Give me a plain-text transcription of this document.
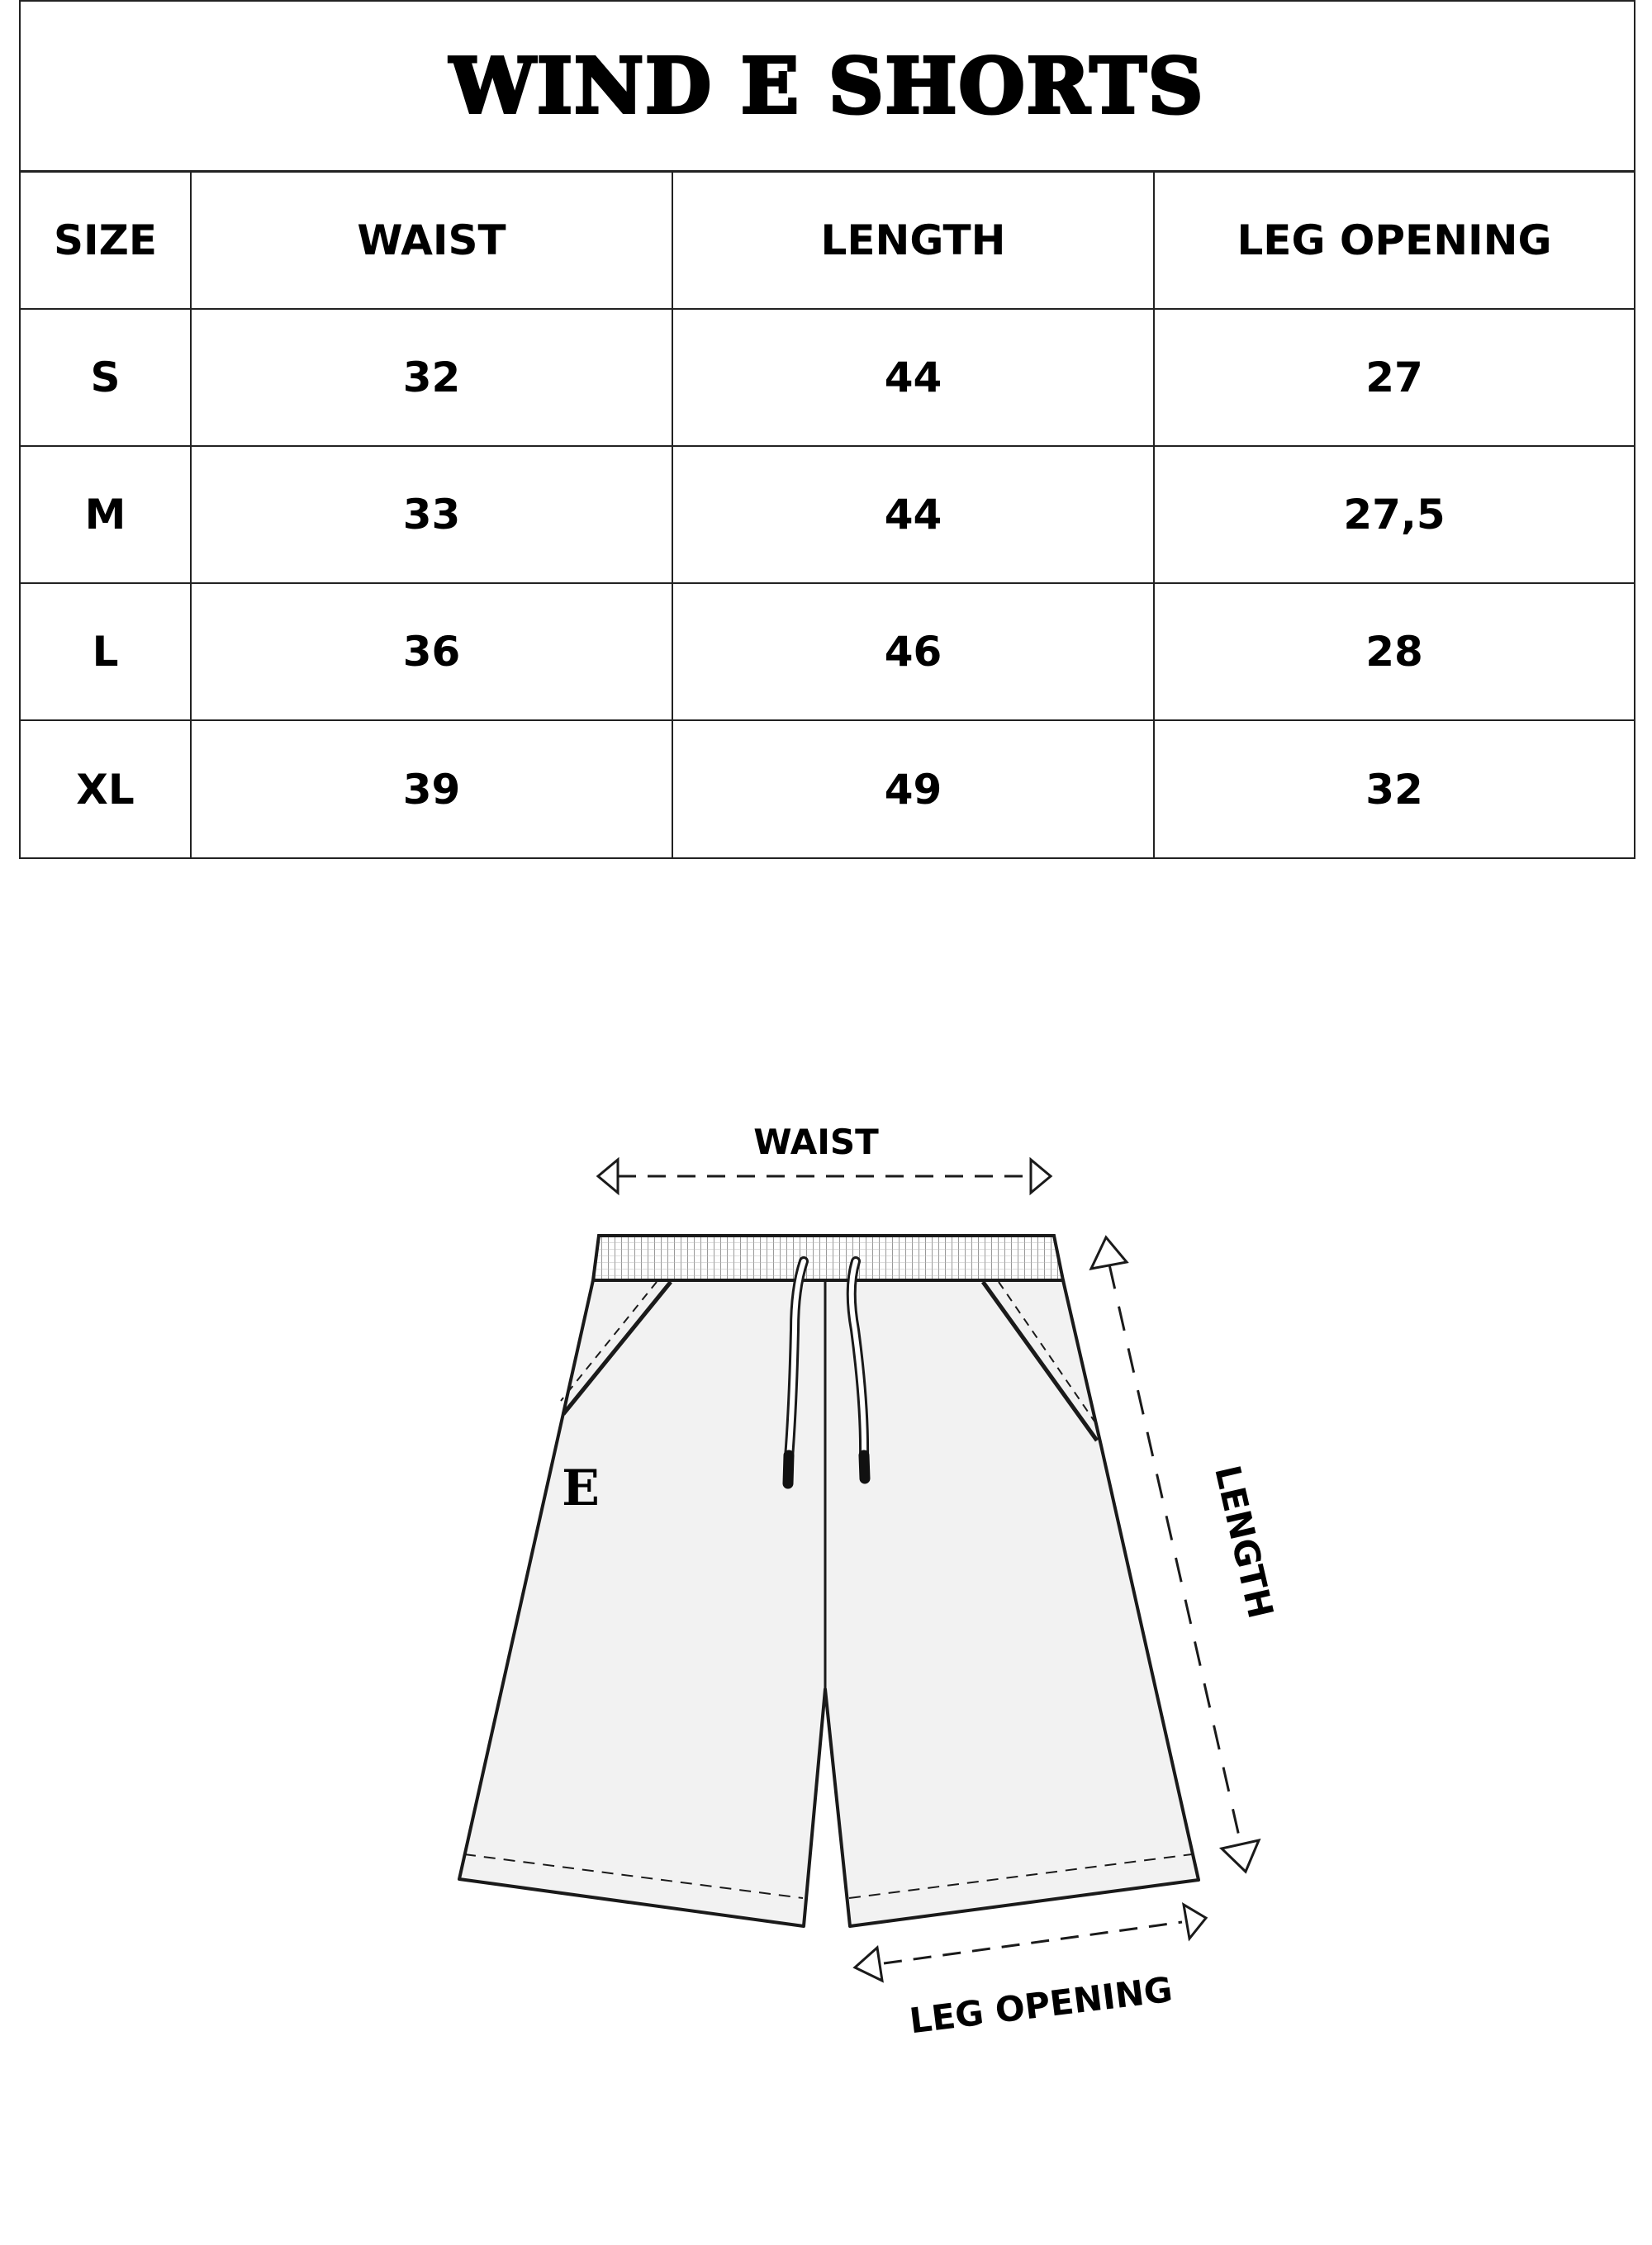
WIND E SHORTS
SIZE	WAIST	LENGTH	LEG OPENING
S	32	44	27
M	33	44	27,5
L	36	46	28
XL	39	49	32
WAIST
E	LENGTH
LEG OPENING
